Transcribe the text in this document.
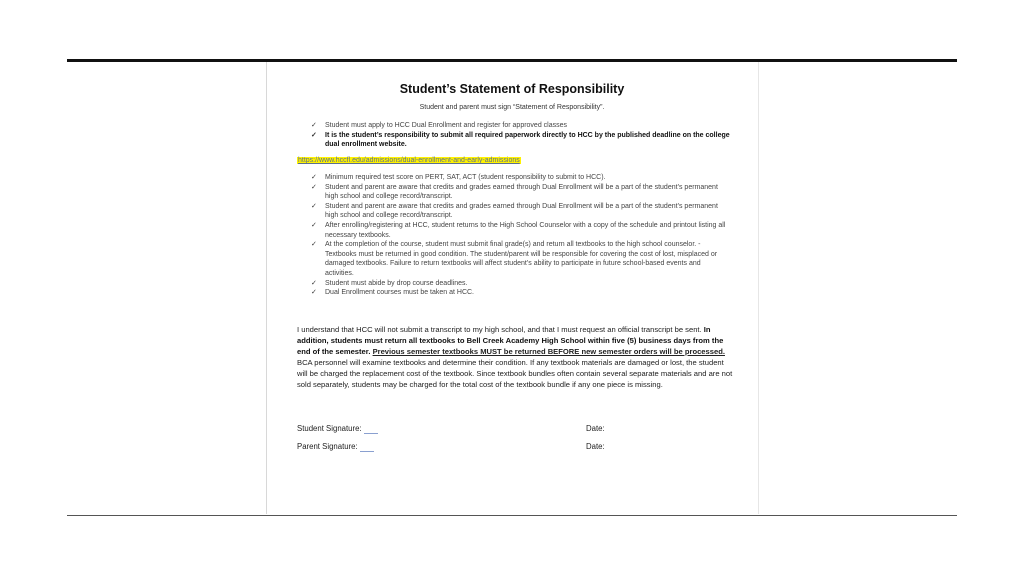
Student’s Statement of Responsibility
Student and parent must sign “Statement of Responsibility”.
✓ Student must apply to HCC Dual Enrollment and register for approved classes
✓ It is the student’s responsibility to submit all required paperwork directly to HCC by the published deadline on the college dual enrollment website.
https://www.hccfl.edu/admissions/dual-enrollment-and-early-admissions
✓ Minimum required test score on PERT, SAT, ACT (student responsibility to submit to HCC).
✓ Student and parent are aware that credits and grades earned through Dual Enrollment will be a part of the student’s permanent high school and college record/transcript.
✓ Student and parent are aware that credits and grades earned through Dual Enrollment will be a part of the student’s permanent high school and college record/transcript.
✓ After enrolling/registering at HCC, student returns to the High School Counselor with a copy of the schedule and printout listing all necessary textbooks.
✓ At the completion of the course, student must submit final grade(s) and return all textbooks to the high school counselor. - Textbooks must be returned in good condition. The student/parent will be responsible for covering the cost of lost, misplaced or damaged textbooks. Failure to return textbooks will affect student’s ability to participate in future school-based events and activities.
✓ Student must abide by drop course deadlines.
✓ Dual Enrollment courses must be taken at HCC.
I understand that HCC will not submit a transcript to my high school, and that I must request an official transcript be sent. In addition, students must return all textbooks to Bell Creek Academy High School within five (5) business days from the end of the semester. Previous semester textbooks MUST be returned BEFORE new semester orders will be processed. BCA personnel will examine textbooks and determine their condition. If any textbook materials are damaged or lost, the student will be charged the replacement cost of the textbook. Since textbook bundles often contain several separate materials and are not sold separately, students may be charged for the total cost of the textbook bundle if any one piece is missing.
Student Signature:	Date:
Parent Signature:	Date:
